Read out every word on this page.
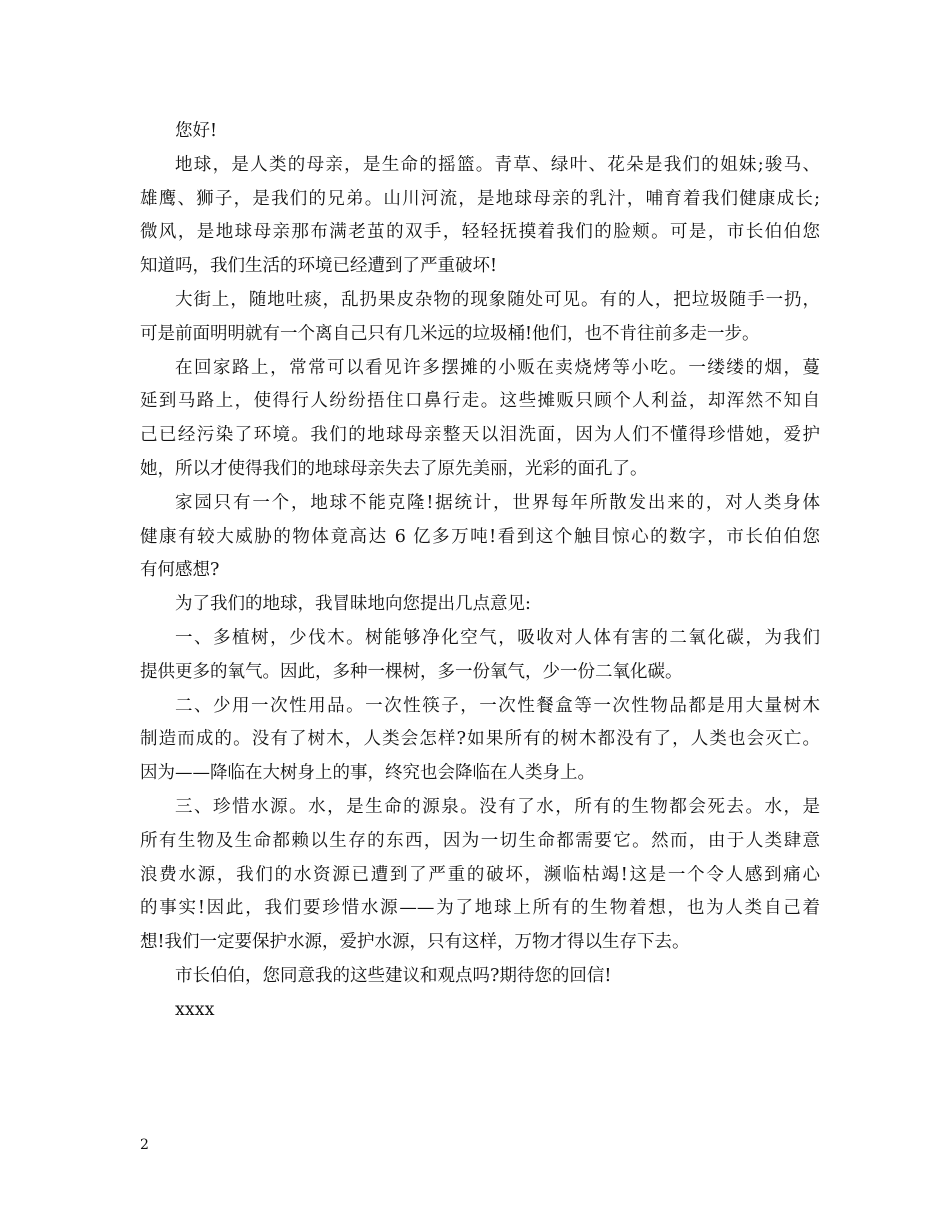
您好!
地球，是人类的母亲，是生命的摇篮。青草、绿叶、花朵是我们的姐妹;骏马、
雄鹰、狮子，是我们的兄弟。山川河流，是地球母亲的乳汁，哺育着我们健康成长;
微风，是地球母亲那布满老茧的双手，轻轻抚摸着我们的脸颊。可是，市长伯伯您
知道吗，我们生活的环境已经遭到了严重破坏!
大街上，随地吐痰，乱扔果皮杂物的现象随处可见。有的人，把垃圾随手一扔，
可是前面明明就有一个离自己只有几米远的垃圾桶!他们，也不肯往前多走一步。
在回家路上，常常可以看见许多摆摊的小贩在卖烧烤等小吃。一缕缕的烟，蔓
延到马路上，使得行人纷纷捂住口鼻行走。这些摊贩只顾个人利益，却浑然不知自
己已经污染了环境。我们的地球母亲整天以泪洗面，因为人们不懂得珍惜她，爱护
她，所以才使得我们的地球母亲失去了原先美丽，光彩的面孔了。
家园只有一个，地球不能克隆!据统计，世界每年所散发出来的，对人类身体
健康有较大威胁的物体竟高达 6 亿多万吨!看到这个触目惊心的数字，市长伯伯您
有何感想?
为了我们的地球，我冒昧地向您提出几点意见:
一、多植树，少伐木。树能够净化空气，吸收对人体有害的二氧化碳，为我们
提供更多的氧气。因此，多种一棵树，多一份氧气，少一份二氧化碳。
二、少用一次性用品。一次性筷子，一次性餐盒等一次性物品都是用大量树木
制造而成的。没有了树木，人类会怎样?如果所有的树木都没有了，人类也会灭亡。
因为——降临在大树身上的事，终究也会降临在人类身上。
三、珍惜水源。水，是生命的源泉。没有了水，所有的生物都会死去。水，是
所有生物及生命都赖以生存的东西，因为一切生命都需要它。然而，由于人类肆意
浪费水源，我们的水资源已遭到了严重的破坏，濒临枯竭!这是一个令人感到痛心
的事实!因此，我们要珍惜水源——为了地球上所有的生物着想，也为人类自己着
想!我们一定要保护水源，爱护水源，只有这样，万物才得以生存下去。
市长伯伯，您同意我的这些建议和观点吗?期待您的回信!
xxxx
2
